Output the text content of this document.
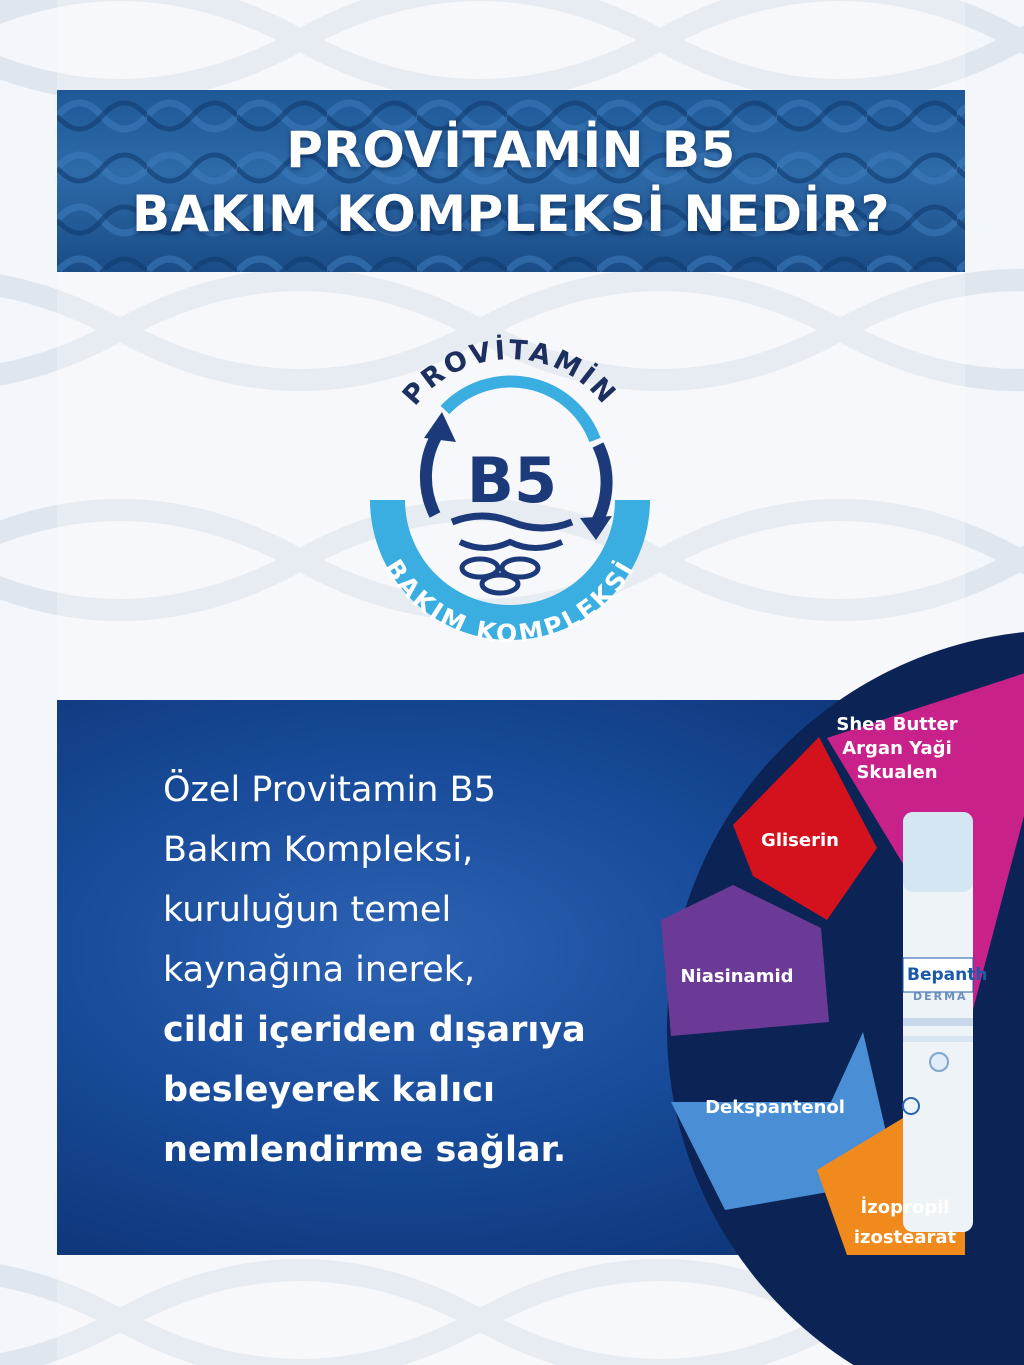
PROVİTAMİN B5
BAKIM KOMPLEKSİ NEDİR?
PROVİTAMİN
BAKIM KOMPLEKSİ
B5
Özel Provitamin B5
Bakım Kompleksi,
kuruluğun temel
kaynağına inerek,
cildi içeriden dışarıya
besleyerek kalıcı
nemlendirme sağlar.
Bepanth
DERMA
Shea Butter
Argan Yaği
Skualen
Gliserin
Niasinamid
Dekspantenol
İzopropil
izostearat
